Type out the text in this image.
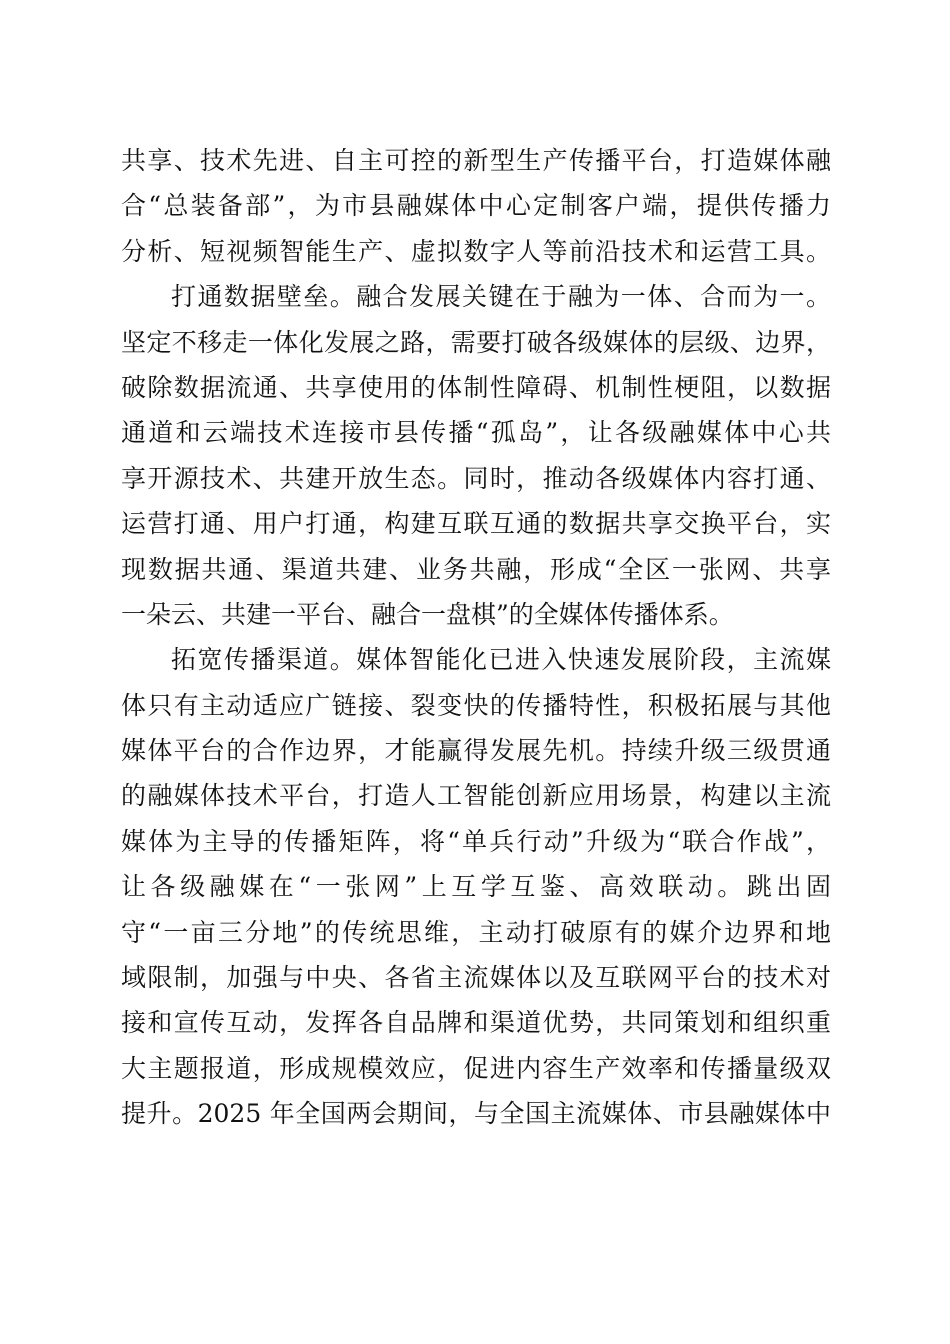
共享、技术先进、自主可控的新型生产传播平台，打造媒体融
合“总装备部”，为市县融媒体中心定制客户端，提供传播力
分析、短视频智能生产、虚拟数字人等前沿技术和运营工具。
打通数据壁垒。融合发展关键在于融为一体、合而为一。
坚定不移走一体化发展之路，需要打破各级媒体的层级、边界，
破除数据流通、共享使用的体制性障碍、机制性梗阻，以数据
通道和云端技术连接市县传播“孤岛”，让各级融媒体中心共
享开源技术、共建开放生态。同时，推动各级媒体内容打通、
运营打通、用户打通，构建互联互通的数据共享交换平台，实
现数据共通、渠道共建、业务共融，形成“全区一张网、共享
一朵云、共建一平台、融合一盘棋”的全媒体传播体系。
拓宽传播渠道。媒体智能化已进入快速发展阶段，主流媒
体只有主动适应广链接、裂变快的传播特性，积极拓展与其他
媒体平台的合作边界，才能赢得发展先机。持续升级三级贯通
的融媒体技术平台，打造人工智能创新应用场景，构建以主流
媒体为主导的传播矩阵，将“单兵行动”升级为“联合作战”，
让各级融媒在“一张网”上互学互鉴、高效联动。跳出固
守“一亩三分地”的传统思维，主动打破原有的媒介边界和地
域限制，加强与中央、各省主流媒体以及互联网平台的技术对
接和宣传互动，发挥各自品牌和渠道优势，共同策划和组织重
大主题报道，形成规模效应，促进内容生产效率和传播量级双
提升。2025 年全国两会期间，与全国主流媒体、市县融媒体中
